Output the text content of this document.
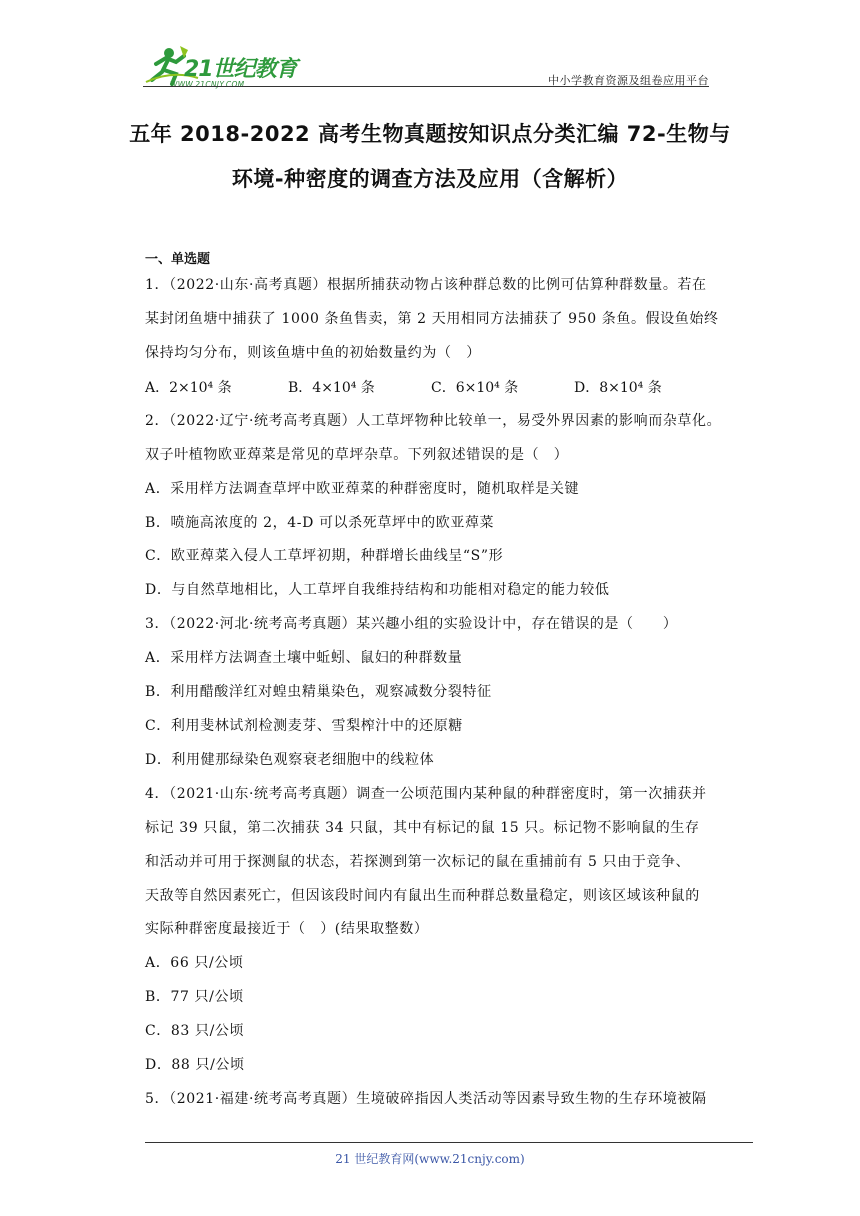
21世纪教育
WWW.21CNJY.COM	中小学教育资源及组卷应用平台
五年 2018-2022 高考生物真题按知识点分类汇编 72-生物与
环境-种密度的调查方法及应用（含解析）
一、单选题
1．（2022·山东·高考真题）根据所捕获动物占该种群总数的比例可估算种群数量。若在
某封闭鱼塘中捕获了 1000 条鱼售卖，第 2 天用相同方法捕获了 950 条鱼。假设鱼始终
保持均匀分布，则该鱼塘中鱼的初始数量约为（　）
A．2×10⁴ 条	B．4×10⁴ 条	C．6×10⁴ 条	D．8×10⁴ 条
2．（2022·辽宁·统考高考真题）人工草坪物种比较单一，易受外界因素的影响而杂草化。
双子叶植物欧亚蔊菜是常见的草坪杂草。下列叙述错误的是（　）
A．采用样方法调查草坪中欧亚蔊菜的种群密度时，随机取样是关键
B．喷施高浓度的 2，4-D 可以杀死草坪中的欧亚蔊菜
C．欧亚蔊菜入侵人工草坪初期，种群增长曲线呈“S”形
D．与自然草地相比，人工草坪自我维持结构和功能相对稳定的能力较低
3．（2022·河北·统考高考真题）某兴趣小组的实验设计中，存在错误的是（　　）
A．采用样方法调查土壤中蚯蚓、鼠妇的种群数量
B．利用醋酸洋红对蝗虫精巢染色，观察减数分裂特征
C．利用斐林试剂检测麦芽、雪梨榨汁中的还原糖
D．利用健那绿染色观察衰老细胞中的线粒体
4．（2021·山东·统考高考真题）调查一公顷范围内某种鼠的种群密度时，第一次捕获并
标记 39 只鼠，第二次捕获 34 只鼠，其中有标记的鼠 15 只。标记物不影响鼠的生存
和活动并可用于探测鼠的状态，若探测到第一次标记的鼠在重捕前有 5 只由于竞争、
天敌等自然因素死亡，但因该段时间内有鼠出生而种群总数量稳定，则该区域该种鼠的
实际种群密度最接近于（　）(结果取整数）
A．66 只/公顷
B．77 只/公顷
C．83 只/公顷
D．88 只/公顷
5．（2021·福建·统考高考真题）生境破碎指因人类活动等因素导致生物的生存环境被隔
21 世纪教育网(www.21cnjy.com)
